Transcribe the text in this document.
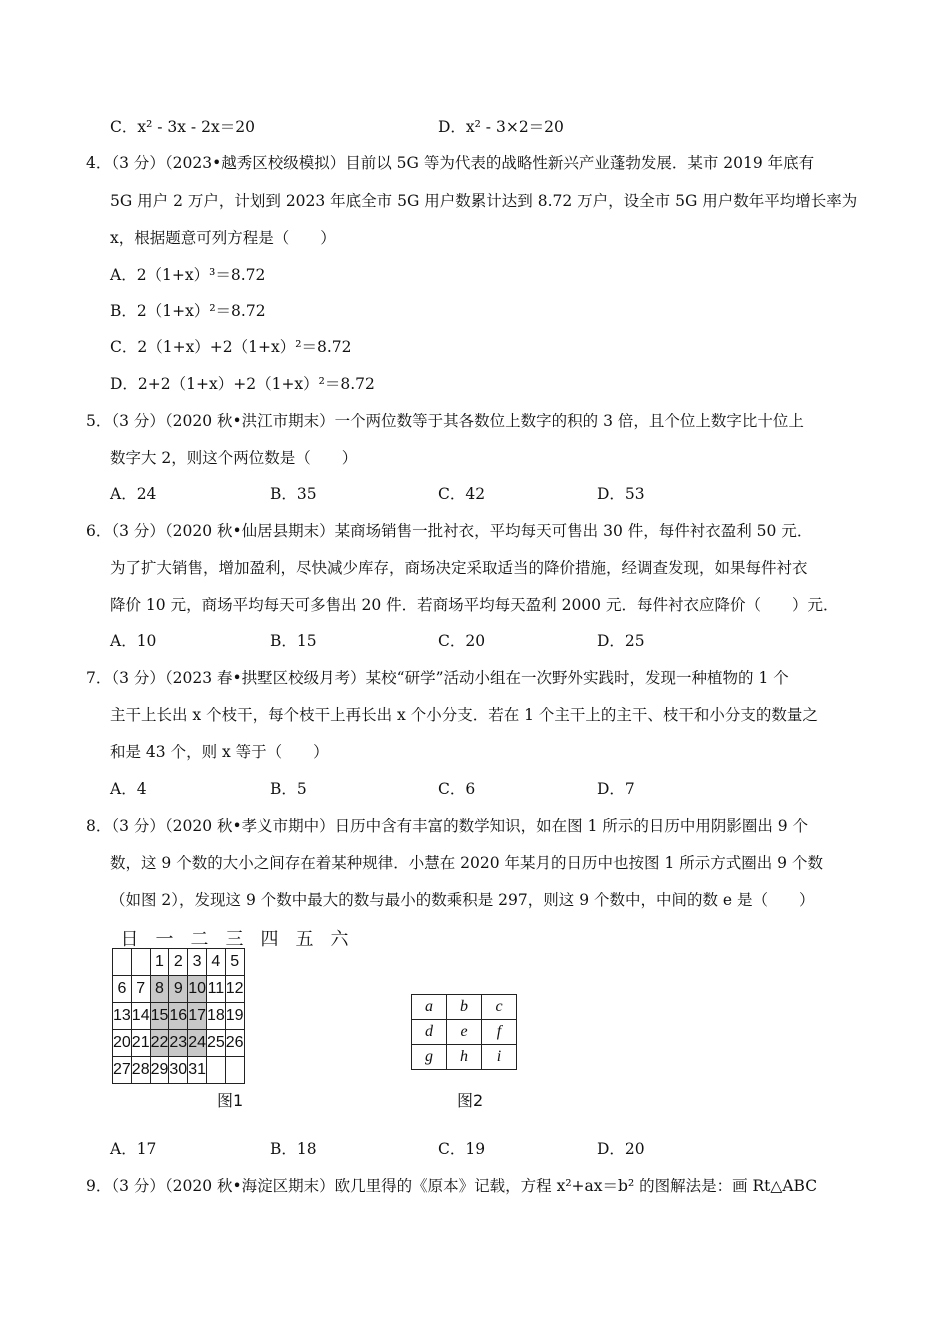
C．x² ‐ 3x ‐ 2x＝20	D．x² ‐ 3×2＝20
4．（3 分）（2023•越秀区校级模拟）目前以 5G 等为代表的战略性新兴产业蓬勃发展．某市 2019 年底有
5G 用户 2 万户，计划到 2023 年底全市 5G 用户数累计达到 8.72 万户，设全市 5G 用户数年平均增长率为
x，根据题意可列方程是（　　）
A．2（1+x）³＝8.72
B．2（1+x）²＝8.72
C．2（1+x）+2（1+x）²＝8.72
D．2+2（1+x）+2（1+x）²＝8.72
5．（3 分）（2020 秋•洪江市期末）一个两位数等于其各数位上数字的积的 3 倍，且个位上数字比十位上
数字大 2，则这个两位数是（　　）
A．24	B．35	C．42	D．53
6．（3 分）（2020 秋•仙居县期末）某商场销售一批衬衣，平均每天可售出 30 件，每件衬衣盈利 50 元．
为了扩大销售，增加盈利，尽快减少库存，商场决定采取适当的降价措施，经调查发现，如果每件衬衣
降价 10 元，商场平均每天可多售出 20 件．若商场平均每天盈利 2000 元．每件衬衣应降价（　　）元．
A．10	B．15	C．20	D．25
7．（3 分）（2023 春•拱墅区校级月考）某校“研学”活动小组在一次野外实践时，发现一种植物的 1 个
主干上长出 x 个枝干，每个枝干上再长出 x 个小分支．若在 1 个主干上的主干、枝干和小分支的数量之
和是 43 个，则 x 等于（　　）
A．4	B．5	C．6	D．7
8．（3 分）（2020 秋•孝义市期中）日历中含有丰富的数学知识，如在图 1 所示的日历中用阴影圈出 9 个
数，这 9 个数的大小之间存在着某种规律．小慧在 2020 年某月的日历中也按图 1 所示方式圈出 9 个数
（如图 2），发现这 9 个数中最大的数与最小的数乘积是 297，则这 9 个数中，中间的数 e 是（　　）
日 一 二 三 四 五 六
		1	2	3	4	5
6	7	8	9	10	11	12
13	14	15	16	17	18	19
20	21	22	23	24	25	26
27	28	29	30	31		
图1
a	b	c
d	e	f
g	h	i
图2
A．17	B．18	C．19	D．20
9．（3 分）（2020 秋•海淀区期末）欧几里得的《原本》记载，方程 x²+ax＝b² 的图解法是：画 Rt△ABC
